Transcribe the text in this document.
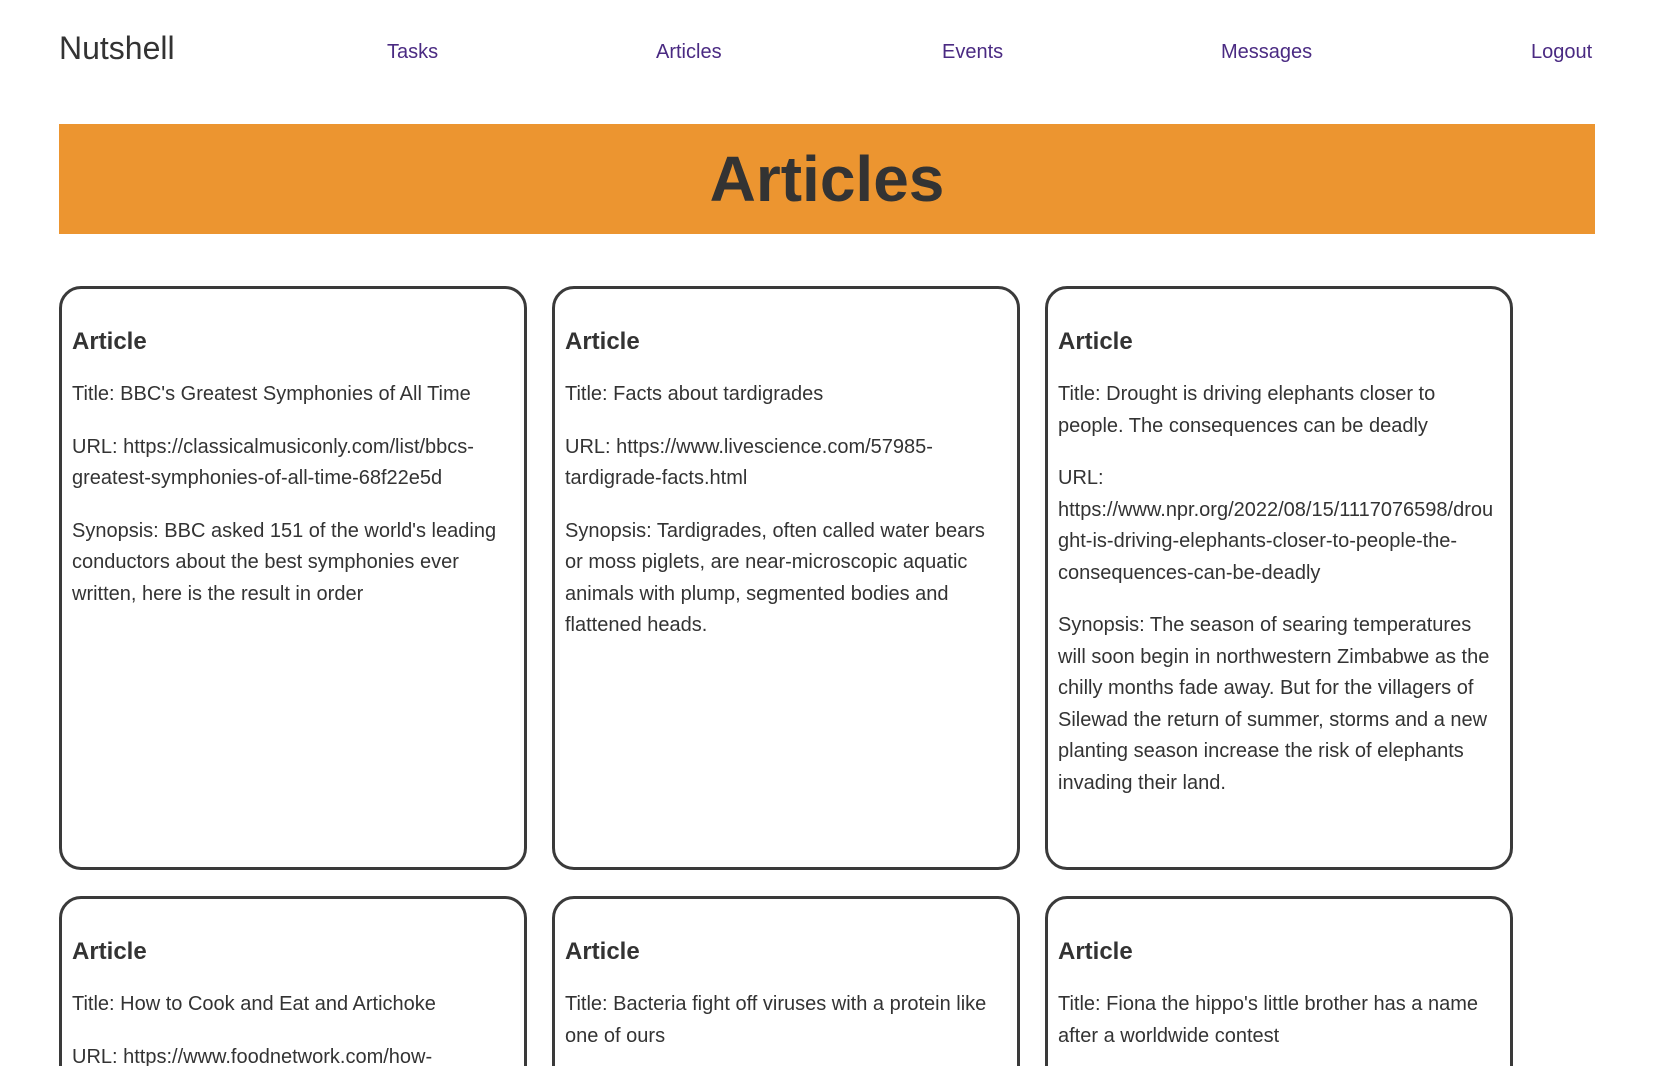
Nutshell	Tasks	Articles	Events	Messages	Logout
Articles
Article

Title: BBC's Greatest Symphonies of All Time

URL: https://classicalmusiconly.com/list/bbcs-greatest-symphonies-of-all-time-68f22e5d

Synopsis: BBC asked 151 of the world's leading conductors about the best symphonies ever written, here is the result in order

Article

Title: Facts about tardigrades

URL: https://www.livescience.com/57985-tardigrade-facts.html

Synopsis: Tardigrades, often called water bears or moss piglets, are near-microscopic aquatic animals with plump, segmented bodies and flattened heads.

Article

Title: Drought is driving elephants closer to people. The consequences can be deadly

URL: https://www.npr.org/2022/08/15/1117076598/drought-is-driving-elephants-closer-to-people-the-consequences-can-be-deadly

Synopsis: The season of searing temperatures will soon begin in northwestern Zimbabwe as the chilly months fade away. But for the villagers of Silewad the return of summer, storms and a new planting season increase the risk of elephants invading their land.

Article

Title: How to Cook and Eat and Artichoke

URL: https://www.foodnetwork.com/how-

Article

Title: Bacteria fight off viruses with a protein like one of ours

Article

Title: Fiona the hippo's little brother has a name after a worldwide contest
